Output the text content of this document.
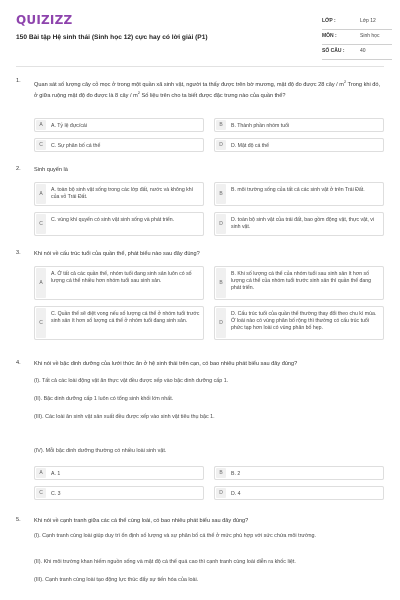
QUIZIZZ
150 Bài tập Hệ sinh thái (Sinh học 12) cực hay có lời giải (P1)
LỚP :	Lớp 12
MÔN :	Sinh học
SỐ CÂU :	40
1.
Quan sát số lượng cây cỏ mọc ở trong một quần xã sinh vật, người ta thấy được trên bờ mương, mật độ đo được 28 cây / $m^2$ Trong khi đó, ở giữa ruộng mật độ đo được là 8 cây / $m^2$ Số liệu trên cho ta biết được đặc trưng nào của quần thể?
A	A. Tỷ lệ đực/cái	B	B. Thành phần nhóm tuổi
C	C. Sự phân bố cá thể	D	D. Mật độ cá thể
2. Sinh quyển là
A
A. toàn bộ sinh vật sống trong các lớp đất, nước và không khí của vỏ Trái Đất.	B
B. môi trường sống của tất cả các sinh vật ở trên Trái Đất.
C
C. vùng khí quyển có sinh vật sinh sống và phát triển.
D
D. toàn bộ sinh vật của trái đất, bao gồm động vật, thực vật, vi sinh vật.
3. Khi nói về cấu trúc tuổi của quần thể, phát biểu nào sau đây đúng?
A
A. Ở tất cả các quần thể, nhóm tuổi đang sinh sản luôn có số lượng cá thể nhiều hơn nhóm tuổi sau sinh sản.	B
B. Khi số lượng cá thể của nhóm tuổi sau sinh sản ít hơn số lượng cá thể của nhóm tuổi trước sinh sản thì quần thể đang phát triển.
C
C. Quần thể sẽ diệt vong nếu số lượng cá thể ở nhóm tuổi trước sinh sản ít hơn số lượng cá thể ở nhóm tuổi đang sinh sản.	D
D. Cấu trúc tuổi của quần thể thường thay đổi theo chu kì mùa. Ở loài nào có vùng phân bố rộng thì thường có cấu trúc tuổi phức tạp hơn loài có vùng phân bố hẹp.
4. Khi nói về bậc dinh dưỡng của lưới thức ăn ở hệ sinh thái trên cạn, có bao nhiêu phát biểu sau đây đúng?
(I). Tất cả các loài động vật ăn thực vật đều được xếp vào bậc dinh dưỡng cấp 1.
(II). Bậc dinh dưỡng cấp 1 luôn có tổng sinh khối lớn nhất.
(III). Các loài ăn sinh vật sản xuất đều được xếp vào sinh vật tiêu thụ bậc 1.
(IV). Mỗi bậc dinh dưỡng thường có nhiều loài sinh vật.
A	A. 1	B	B. 2
C	C. 3	D	D. 4
5. Khi nói về cạnh tranh giữa các cá thể cùng loài, có bao nhiêu phát biểu sau đây đúng?
(I). Cạnh tranh cùng loài giúp duy trì ổn định số lượng và sự phân bố cá thể ở mức phù hợp với sức chứa môi trường.
(II). Khi môi trường khan hiếm nguồn sống và mật độ cá thể quá cao thì cạnh tranh cùng loài diễn ra khốc liệt.
(III). Cạnh tranh cùng loài tạo động lực thúc đẩy sự tiến hóa của loài.
